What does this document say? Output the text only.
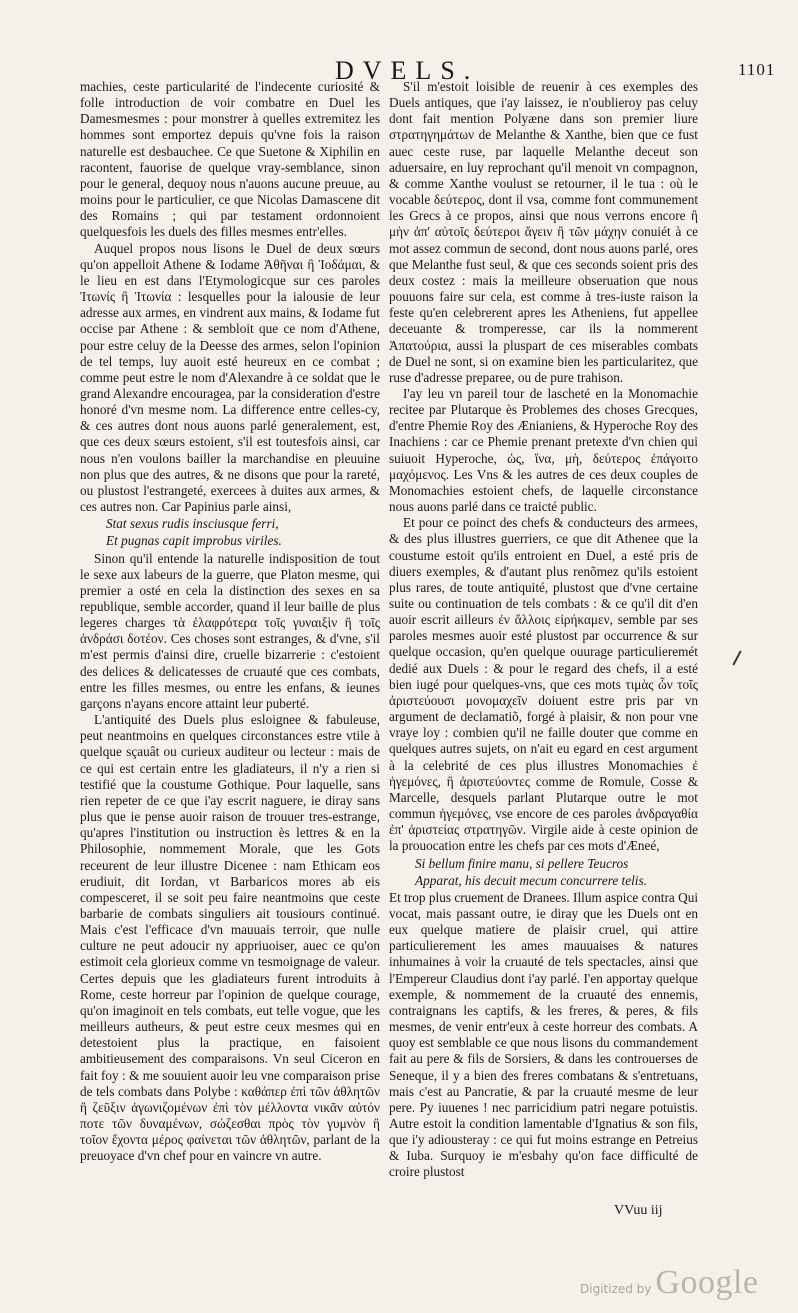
DVELS.	1101

machies, ceste particularité de l'indecente curiosité & folle introduction de voir combatre en Duel les Damesmesmes : pour monstrer à quelles extremitez les hommes sont emportez depuis qu'vne fois la raison naturelle est desbauchee. Ce que Suetone & Xiphilin en racontent, fauorise de quelque vray-semblance, sinon pour le general, dequoy nous n'auons aucune preuue, au moins pour le particulier, ce que Nicolas Damascene dit des Romains ; qui par testament ordonnoient quelquesfois les duels des filles mesmes entr'elles.

Auquel propos nous lisons le Duel de deux sœurs qu'on appelloit Athene & Iodame Ἀθῆναι ἢ Ἰοδάμαι, & le lieu en est dans l'Etymologicque sur ces paroles Ἰτωνίς ἢ Ἰτωνία : lesquelles pour la ialousie de leur adresse aux armes, en vindrent aux mains, & Iodame fut occise par Athene : & sembloit que ce nom d'Athene, pour estre celuy de la Deesse des armes, selon l'opinion de tel temps, luy auoit esté heureux en ce combat ; comme peut estre le nom d'Alexandre à ce soldat que le grand Alexandre encouragea, par la consideration d'estre honoré d'vn mesme nom. La difference entre celles-cy, & ces autres dont nous auons parlé generalement, est, que ces deux sœurs estoient, s'il est toutesfois ainsi, car nous n'en voulons bailler la marchandise en pleuuine non plus que des autres, & ne disons que pour la rareté, ou plustost l'estrangeté, exercees à duites aux armes, & ces autres non. Car Papinius parle ainsi,

Stat sexus rudis insciusque ferri,
Et pugnas capit improbus viriles.

Sinon qu'il entende la naturelle indisposition de tout le sexe aux labeurs de la guerre, que Platon mesme, qui premier a osté en cela la distinction des sexes en sa republique, semble accorder, quand il leur baille de plus legeres charges τὰ ἐλαφρότερα τοῖς γυναιξὶν ἢ τοῖς ἀνδράσι δοτέον. Ces choses sont estranges, & d'vne, s'il m'est permis d'ainsi dire, cruelle bizarrerie : c'estoient des delices & delicatesses de cruauté que ces combats, entre les filles mesmes, ou entre les enfans, & ieunes garçons n'ayans encore attaint leur puberté.

L'antiquité des Duels plus esloignee & fabuleuse, peut neantmoins en quelques circonstances estre vtile à quelque sçauât ou curieux auditeur ou lecteur : mais de ce qui est certain entre les gladiateurs, il n'y a rien si testifié que la coustume Gothique. Pour laquelle, sans rien repeter de ce que i'ay escrit naguere, ie diray sans plus que ie pense auoir raison de trouuer tres-estrange, qu'apres l'institution ou instruction ès lettres & en la Philosophie, nommement Morale, que les Gots receurent de leur illustre Dicenee : nam Ethicam eos erudiuit, dit Iordan, vt Barbaricos mores ab eis compesceret, il se soit peu faire neantmoins que ceste barbarie de combats singuliers ait tousiours continué. Mais c'est l'efficace d'vn mauuais terroir, que nulle culture ne peut adoucir ny appriuoiser, auec ce qu'on estimoit cela glorieux comme vn tesmoignage de valeur. Certes depuis que les gladiateurs furent introduits à Rome, ceste horreur par l'opinion de quelque courage, qu'on imaginoit en tels combats, eut telle vogue, que les meilleurs autheurs, & peut estre ceux mesmes qui en detestoient plus la practique, en faisoient ambitieusement des comparaisons. Vn seul Ciceron en fait foy : & me souuient auoir leu vne comparaison prise de tels combats dans Polybe : καθάπερ ἐπὶ τῶν ἀθλητῶν ἢ ζεῦξιν ἀγωνιζομένων ἐπὶ τὸν μέλλοντα νικᾶν αὐτόν ποτε τῶν δυναμένων, σώζεσθαι πρὸς τὸν γυμνὸν ἢ τοῖον ἔχοντα μέρος φαίνεται τῶν ἀθλητῶν, parlant de la preuoyace d'vn chef pour en vaincre vn autre.

S'il m'estoit loisible de reuenir à ces exemples des Duels antiques, que i'ay laissez, ie n'oublieroy pas celuy dont fait mention Polyæne dans son premier liure στρατηγημάτων de Melanthe & Xanthe, bien que ce fust auec ceste ruse, par laquelle Melanthe deceut son aduersaire, en luy reprochant qu'il menoit vn compagnon, & comme Xanthe voulust se retourner, il le tua : où le vocable δεύτερος, dont il vsa, comme font communement les Grecs à ce propos, ainsi que nous verrons encore ἢ μὴν ἀπ' αὐτοῖς δεύτεροι ἄγειν ἢ τῶν μάχην conuiét à ce mot assez commun de second, dont nous auons parlé, ores que Melanthe fust seul, & que ces seconds soient pris des deux costez : mais la meilleure obseruation que nous pouuons faire sur cela, est comme à tres-iuste raison la feste qu'en celebrerent apres les Atheniens, fut appellee deceuante & tromperesse, car ils la nommerent Ἀπατούρια, aussi la pluspart de ces miserables combats de Duel ne sont, si on examine bien les particularitez, que ruse d'adresse preparee, ou de pure trahison.

I'ay leu vn pareil tour de lascheté en la Monomachie recitee par Plutarque ès Problemes des choses Grecques, d'entre Phemie Roy des Ænianiens, & Hyperoche Roy des Inachiens : car ce Phemie prenant pretexte d'vn chien qui suiuoit Hyperoche, ὡς, ἵνα, μὴ, δεύτερος ἐπάγοιτο μαχόμενος. Les Vns & les autres de ces deux couples de Monomachies estoient chefs, de laquelle circonstance nous auons parlé dans ce traicté public.

Et pour ce poinct des chefs & conducteurs des armees, & des plus illustres guerriers, ce que dit Athenee que la coustume estoit qu'ils entroient en Duel, a esté pris de diuers exemples, & d'autant plus renõmez qu'ils estoient plus rares, de toute antiquité, plustost que d'vne certaine suite ou continuation de tels combats : & ce qu'il dit d'en auoir escrit ailleurs ἐν ἄλλοις εἰρήκαμεν, semble par ses paroles mesmes auoir esté plustost par occurrence & sur quelque occasion, qu'en quelque ouurage particulieremét dedié aux Duels : & pour le regard des chefs, il a esté bien iugé pour quelques-vns, que ces mots τιμὰς ὧν τοῖς ἀριστεύουσι μονομαχεῖν doiuent estre pris par vn argument de declamatiõ, forgé à plaisir, & non pour vne vraye loy : combien qu'il ne faille douter que comme en quelques autres sujets, on n'ait eu egard en cest argument à la celebrité de ces plus illustres Monomachies ἐ ἡγεμόνες, ἢ ἀριστεύοντες comme de Romule, Cosse & Marcelle, desquels parlant Plutarque outre le mot commun ἡγεμόνες, vse encore de ces paroles ἀνδραγαθία ἐπ' ἀριστείας στρατηγῶν. Virgile aide à ceste opinion de la prouocation entre les chefs par ces mots d'Æneé,

Si bellum finire manu, si pellere Teucros
Apparat, his decuit mecum concurrere telis.

Et trop plus cruement de Dranees. Illum aspice contra Qui vocat, mais passant outre, ie diray que les Duels ont en eux quelque matiere de plaisir cruel, qui attire particulierement les ames mauuaises & natures inhumaines à voir la cruauté de tels spectacles, ainsi que l'Empereur Claudius dont i'ay parlé. I'en apportay quelque exemple, & nommement de la cruauté des ennemis, contraignans les captifs, & les freres, & peres, & fils mesmes, de venir entr'eux à ceste horreur des combats. A quoy est semblable ce que nous lisons du commandement fait au pere & fils de Sorsiers, & dans les controuerses de Seneque, il y a bien des freres combatans & s'entretuans, mais c'est au Pancratie, & par la cruauté mesme de leur pere. Py iuuenes ! nec parricidium patri negare potuistis. Autre estoit la condition lamentable d'Ignatius & son fils, que i'y adiousteray : ce qui fut moins estrange en Petreius & Iuba. Surquoy ie m'esbahy qu'on face difficulté de croire plustost

VVuu iij
Digitized by Google
